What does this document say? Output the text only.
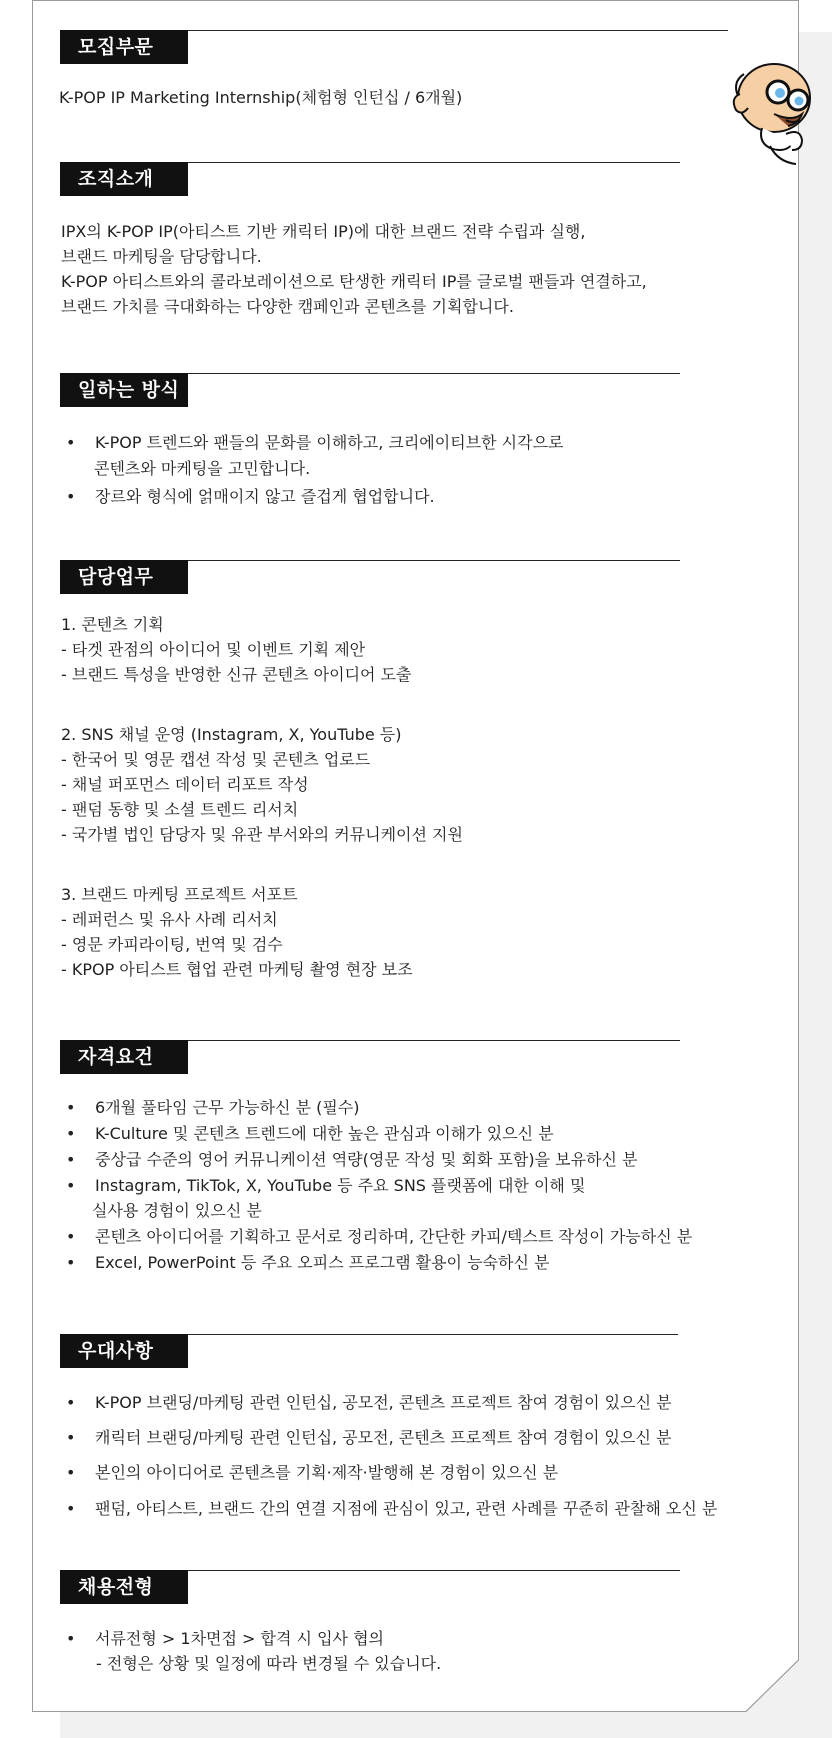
모집부문
K-POP IP Marketing Internship(체험형 인턴십 / 6개월)
조직소개
IPX의 K-POP IP(아티스트 기반 캐릭터 IP)에 대한 브랜드 전략 수립과 실행,
브랜드 마케팅을 담당합니다.
K-POP 아티스트와의 콜라보레이션으로 탄생한 캐릭터 IP를 글로벌 팬들과 연결하고,
브랜드 가치를 극대화하는 다양한 캠페인과 콘텐츠를 기획합니다.
일하는 방식
• K-POP 트렌드와 팬들의 문화를 이해하고, 크리에이티브한 시각으로
콘텐츠와 마케팅을 고민합니다.
• 장르와 형식에 얽매이지 않고 즐겁게 협업합니다.
담당업무
1. 콘텐츠 기획
- 타겟 관점의 아이디어 및 이벤트 기획 제안
- 브랜드 특성을 반영한 신규 콘텐츠 아이디어 도출
2. SNS 채널 운영 (Instagram, X, YouTube 등)
- 한국어 및 영문 캡션 작성 및 콘텐츠 업로드
- 채널 퍼포먼스 데이터 리포트 작성
- 팬덤 동향 및 소셜 트렌드 리서치
- 국가별 법인 담당자 및 유관 부서와의 커뮤니케이션 지원
3. 브랜드 마케팅 프로젝트 서포트
- 레퍼런스 및 유사 사례 리서치
- 영문 카피라이팅, 번역 및 검수
- KPOP 아티스트 협업 관련 마케팅 촬영 현장 보조
자격요건
• 6개월 풀타임 근무 가능하신 분 (필수)
• K-Culture 및 콘텐츠 트렌드에 대한 높은 관심과 이해가 있으신 분
• 중상급 수준의 영어 커뮤니케이션 역량(영문 작성 및 회화 포함)을 보유하신 분
• Instagram, TikTok, X, YouTube 등 주요 SNS 플랫폼에 대한 이해 및
실사용 경험이 있으신 분
• 콘텐츠 아이디어를 기획하고 문서로 정리하며, 간단한 카피/텍스트 작성이 가능하신 분
• Excel, PowerPoint 등 주요 오피스 프로그램 활용이 능숙하신 분
우대사항
• K-POP 브랜딩/마케팅 관련 인턴십, 공모전, 콘텐츠 프로젝트 참여 경험이 있으신 분
• 캐릭터 브랜딩/마케팅 관련 인턴십, 공모전, 콘텐츠 프로젝트 참여 경험이 있으신 분
• 본인의 아이디어로 콘텐츠를 기획·제작·발행해 본 경험이 있으신 분
• 팬덤, 아티스트, 브랜드 간의 연결 지점에 관심이 있고, 관련 사례를 꾸준히 관찰해 오신 분
채용전형
• 서류전형 > 1차면접 > 합격 시 입사 협의
- 전형은 상황 및 일정에 따라 변경될 수 있습니다.
